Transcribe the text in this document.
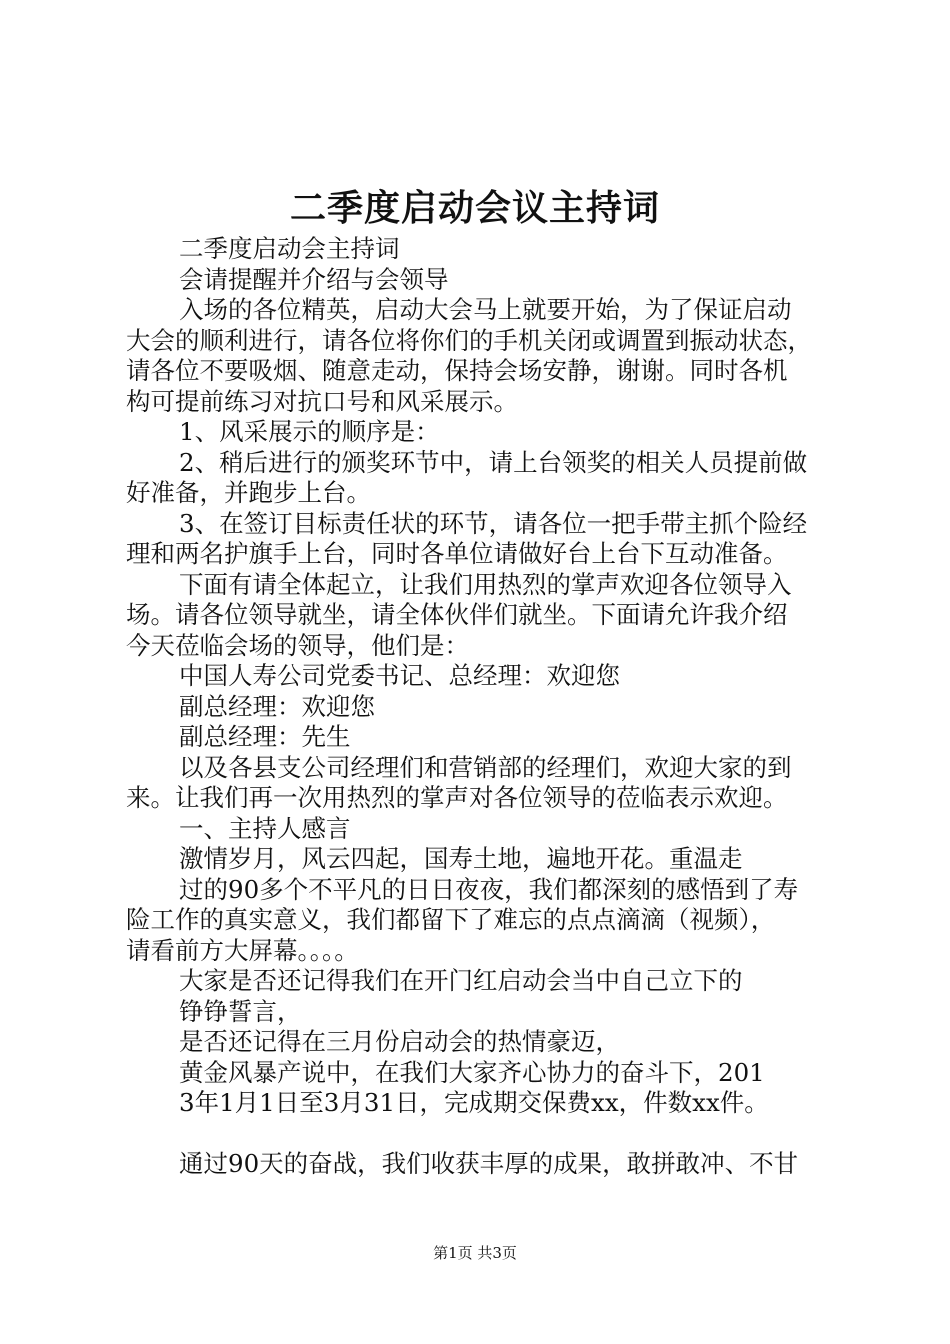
二季度启动会议主持词
二季度启动会主持词
会请提醒并介绍与会领导
入场的各位精英，启动大会马上就要开始，为了保证启动
大会的顺利进行，请各位将你们的手机关闭或调置到振动状态，
请各位不要吸烟、随意走动，保持会场安静，谢谢。同时各机
构可提前练习对抗口号和风采展示。
1、风采展示的顺序是：
2、稍后进行的颁奖环节中，请上台领奖的相关人员提前做
好准备，并跑步上台。
3、在签订目标责任状的环节，请各位一把手带主抓个险经
理和两名护旗手上台，同时各单位请做好台上台下互动准备。
下面有请全体起立，让我们用热烈的掌声欢迎各位领导入
场。请各位领导就坐，请全体伙伴们就坐。下面请允许我介绍
今天莅临会场的领导，他们是：
中国人寿公司党委书记、总经理：欢迎您
副总经理：欢迎您
副总经理：先生
以及各县支公司经理们和营销部的经理们，欢迎大家的到
来。让我们再一次用热烈的掌声对各位领导的莅临表示欢迎。
一、主持人感言
激情岁月，风云四起，国寿土地，遍地开花。重温走
过的90多个不平凡的日日夜夜，我们都深刻的感悟到了寿
险工作的真实意义，我们都留下了难忘的点点滴滴（视频），
请看前方大屏幕。。。。
大家是否还记得我们在开门红启动会当中自己立下的
铮铮誓言，
是否还记得在三月份启动会的热情豪迈，
黄金风暴产说中，在我们大家齐心协力的奋斗下，201
3年1月1日至3月31日，完成期交保费xx，件数xx件。
通过90天的奋战，我们收获丰厚的成果，敢拼敢冲、不甘
第1页 共3页
